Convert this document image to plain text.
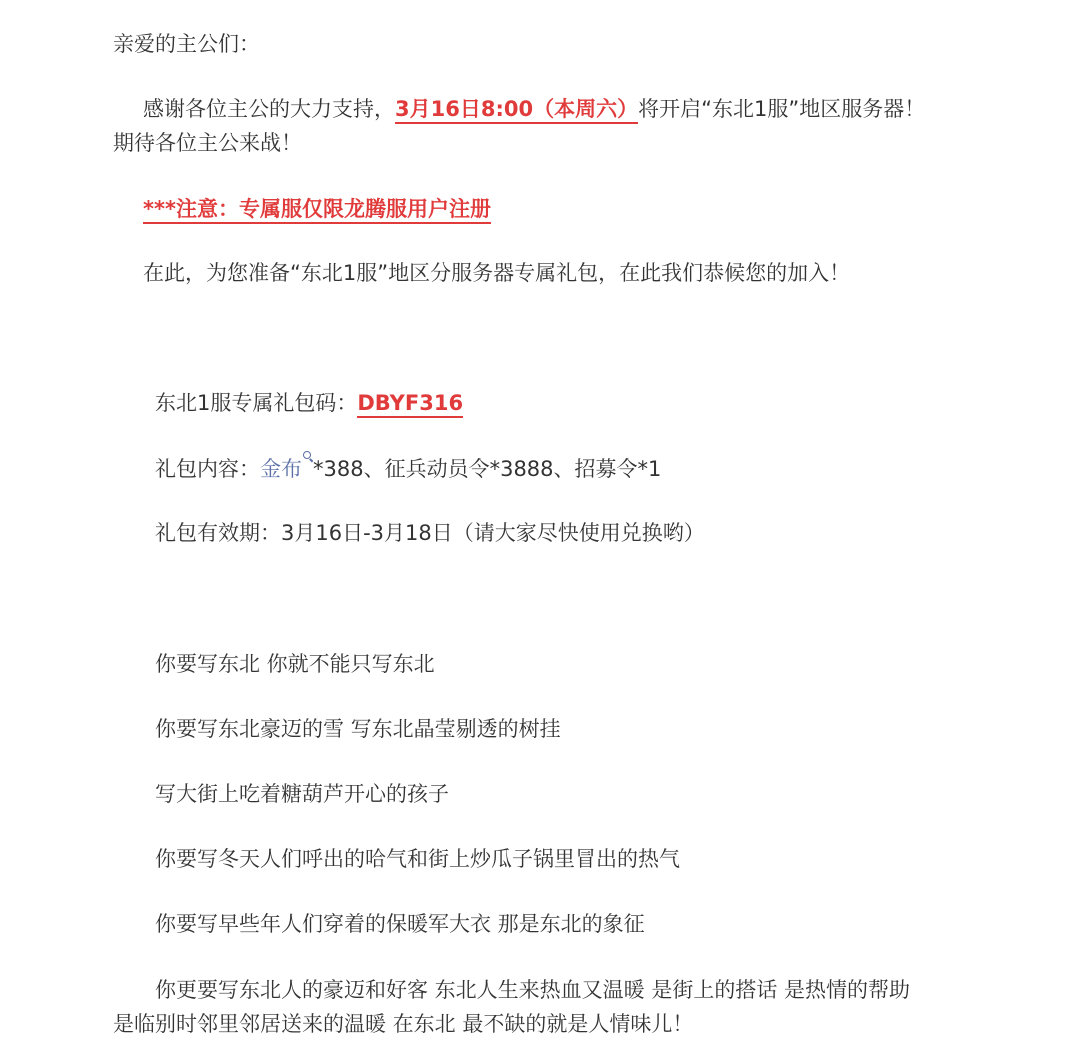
亲爱的主公们：

感谢各位主公的大力支持，3月16日8:00（本周六）将开启“东北1服”地区服务器！

期待各位主公来战！

***注意：专属服仅限龙腾服用户注册

在此，为您准备“东北1服”地区分服务器专属礼包，在此我们恭候您的加入！

东北1服专属礼包码：DBYF316

礼包内容：金布 *388、征兵动员令*3888、招募令*1

礼包有效期：3月16日-3月18日（请大家尽快使用兑换哟）

你要写东北 你就不能只写东北

你要写东北豪迈的雪 写东北晶莹剔透的树挂

写大街上吃着糖葫芦开心的孩子

你要写冬天人们呼出的哈气和街上炒瓜子锅里冒出的热气

你要写早些年人们穿着的保暖军大衣 那是东北的象征

你更要写东北人的豪迈和好客 东北人生来热血又温暖 是街上的搭话 是热情的帮助

是临别时邻里邻居送来的温暖 在东北 最不缺的就是人情味儿！
